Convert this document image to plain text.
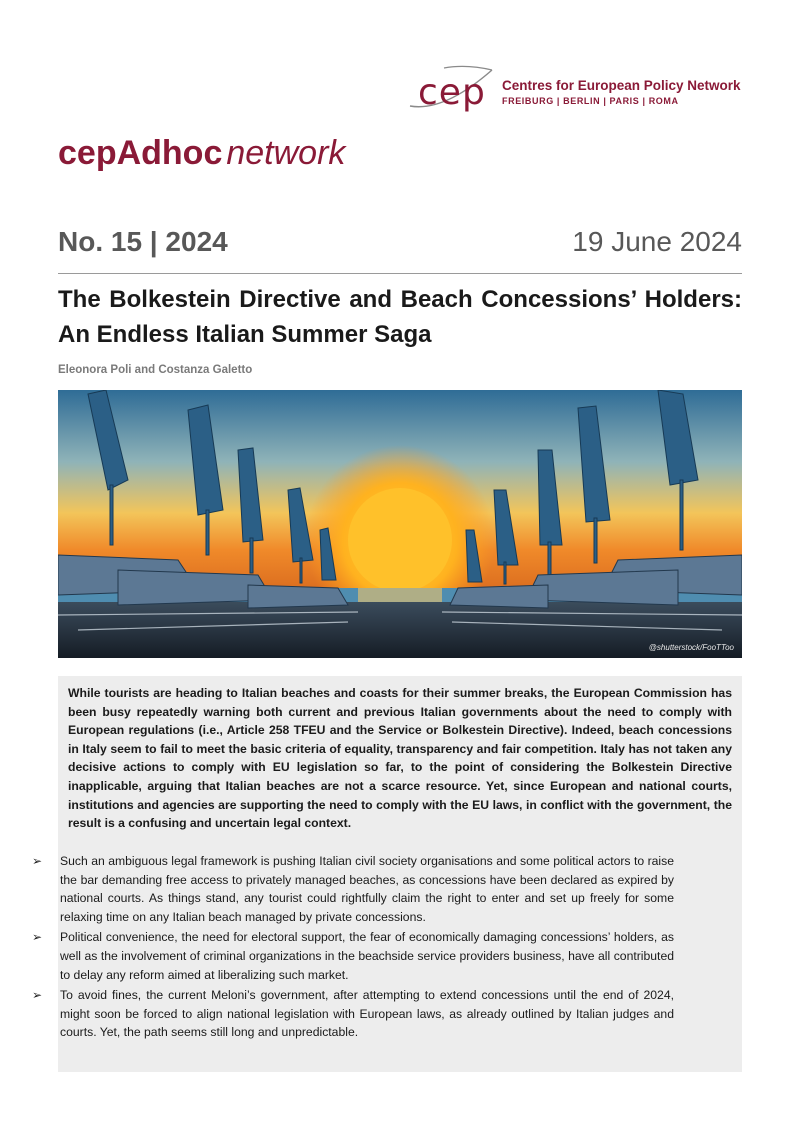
cep Centres for European Policy Network
FREIBURG | BERLIN | PARIS | ROMA
cepAdhoc network
No. 15 | 2024	19 June 2024
The Bolkestein Directive and Beach Concessions’ Holders: An Endless Italian Summer Saga
Eleonora Poli and Costanza Galetto
@shutterstock/FooTToo
While tourists are heading to Italian beaches and coasts for their summer breaks, the European Commission has been busy repeatedly warning both current and previous Italian governments about the need to comply with European regulations (i.e., Article 258 TFEU and the Service or Bolkestein Directive). Indeed, beach concessions in Italy seem to fail to meet the basic criteria of equality, transparency and fair competition. Italy has not taken any decisive actions to comply with EU legislation so far, to the point of considering the Bolkestein Directive inapplicable, arguing that Italian beaches are not a scarce resource. Yet, since European and national courts, institutions and agencies are supporting the need to comply with the EU laws, in conflict with the government, the result is a confusing and uncertain legal context.
➢ Such an ambiguous legal framework is pushing Italian civil society organisations and some political actors to raise the bar demanding free access to privately managed beaches, as concessions have been declared as expired by national courts. As things stand, any tourist could rightfully claim the right to enter and set up freely for some relaxing time on any Italian beach managed by private concessions.
➢ Political convenience, the need for electoral support, the fear of economically damaging concessions’ holders, as well as the involvement of criminal organizations in the beachside service providers business, have all contributed to delay any reform aimed at liberalizing such market.
➢ To avoid fines, the current Meloni’s government, after attempting to extend concessions until the end of 2024, might soon be forced to align national legislation with European laws, as already outlined by Italian judges and courts. Yet, the path seems still long and unpredictable.
